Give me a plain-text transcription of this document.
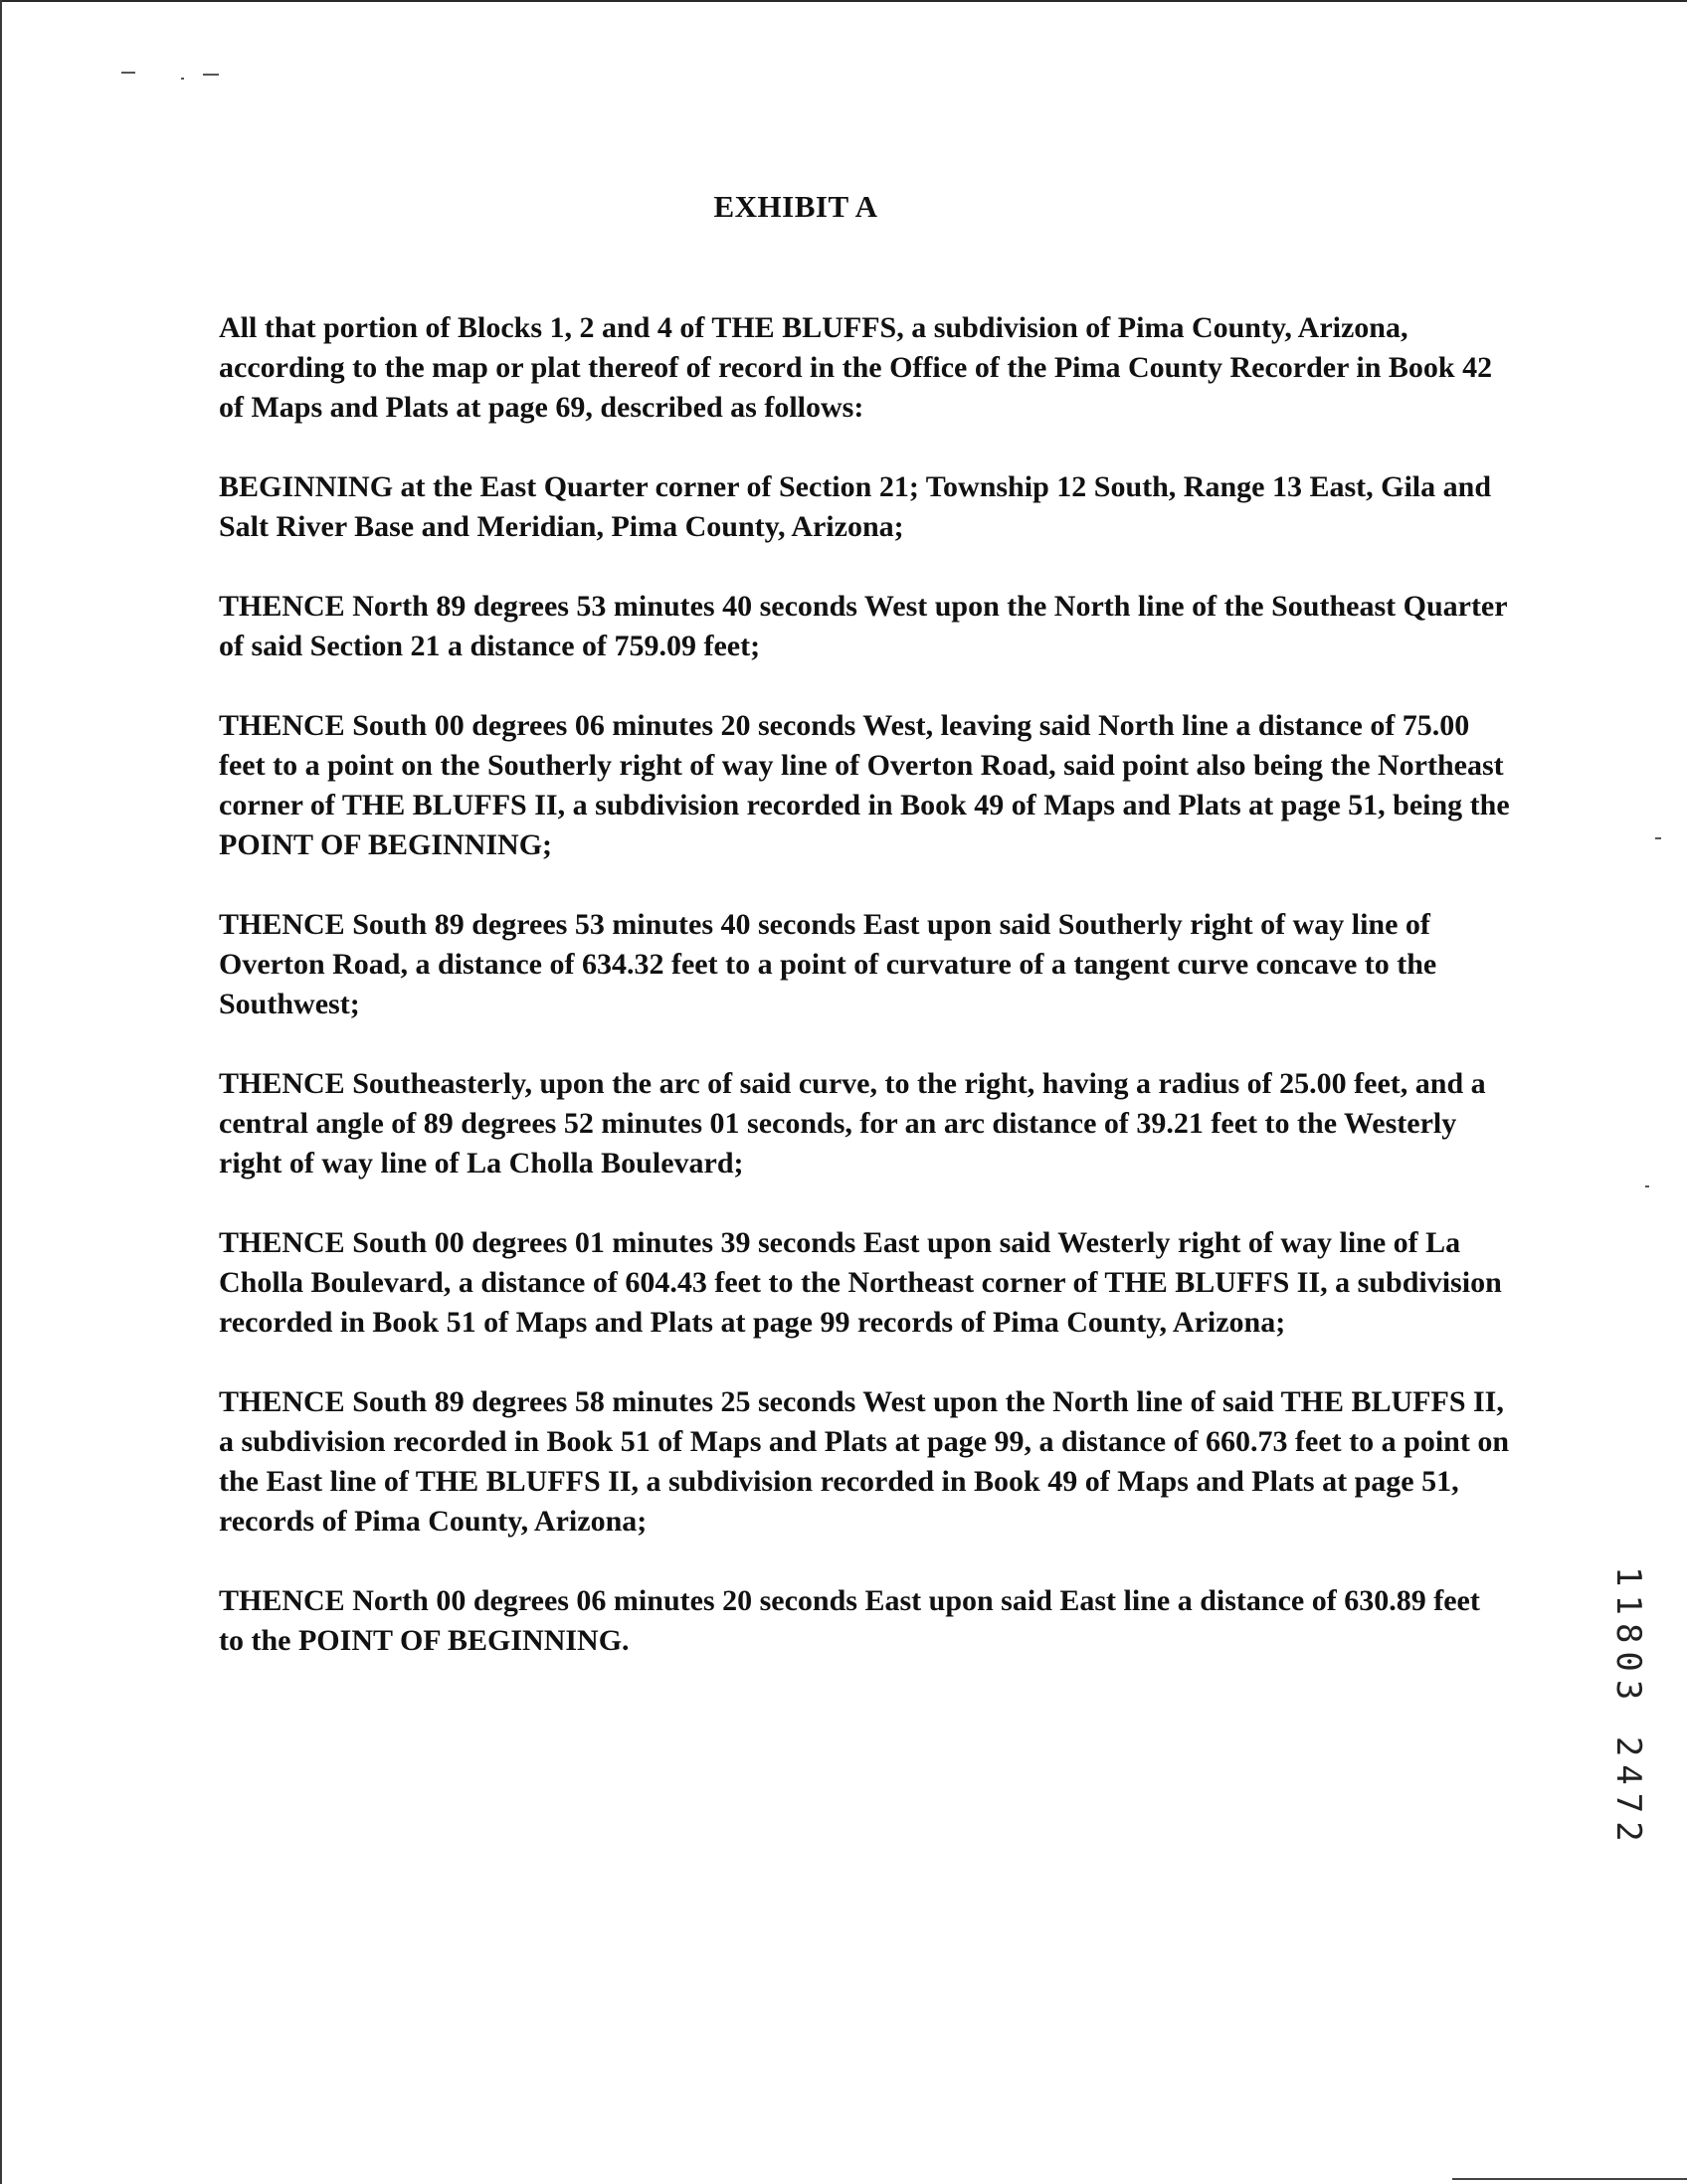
EXHIBIT A

All that portion of Blocks 1, 2 and 4 of THE BLUFFS, a subdivision of Pima County, Arizona, according to the map or plat thereof of record in the Office of the Pima County Recorder in Book 42 of Maps and Plats at page 69, described as follows:

BEGINNING at the East Quarter corner of Section 21; Township 12 South, Range 13 East, Gila and Salt River Base and Meridian, Pima County, Arizona;

THENCE North 89 degrees 53 minutes 40 seconds West upon the North line of the Southeast Quarter of said Section 21 a distance of 759.09 feet;

THENCE South 00 degrees 06 minutes 20 seconds West, leaving said North line a distance of 75.00 feet to a point on the Southerly right of way line of Overton Road, said point also being the Northeast corner of THE BLUFFS II, a subdivision recorded in Book 49 of Maps and Plats at page 51, being the POINT OF BEGINNING;

THENCE South 89 degrees 53 minutes 40 seconds East upon said Southerly right of way line of Overton Road, a distance of 634.32 feet to a point of curvature of a tangent curve concave to the Southwest;

THENCE Southeasterly, upon the arc of said curve, to the right, having a radius of 25.00 feet, and a central angle of 89 degrees 52 minutes 01 seconds, for an arc distance of 39.21 feet to the Westerly right of way line of La Cholla Boulevard;

THENCE South 00 degrees 01 minutes 39 seconds East upon said Westerly right of way line of La Cholla Boulevard, a distance of 604.43 feet to the Northeast corner of THE BLUFFS II, a subdivision recorded in Book 51 of Maps and Plats at page 99 records of Pima County, Arizona;

THENCE South 89 degrees 58 minutes 25 seconds West upon the North line of said THE BLUFFS II, a subdivision recorded in Book 51 of Maps and Plats at page 99, a distance of 660.73 feet to a point on the East line of THE BLUFFS II, a subdivision recorded in Book 49 of Maps and Plats at page 51, records of Pima County, Arizona;

THENCE North 00 degrees 06 minutes 20 seconds East upon said East line a distance of 630.89 feet to the POINT OF BEGINNING.	11803 2472
